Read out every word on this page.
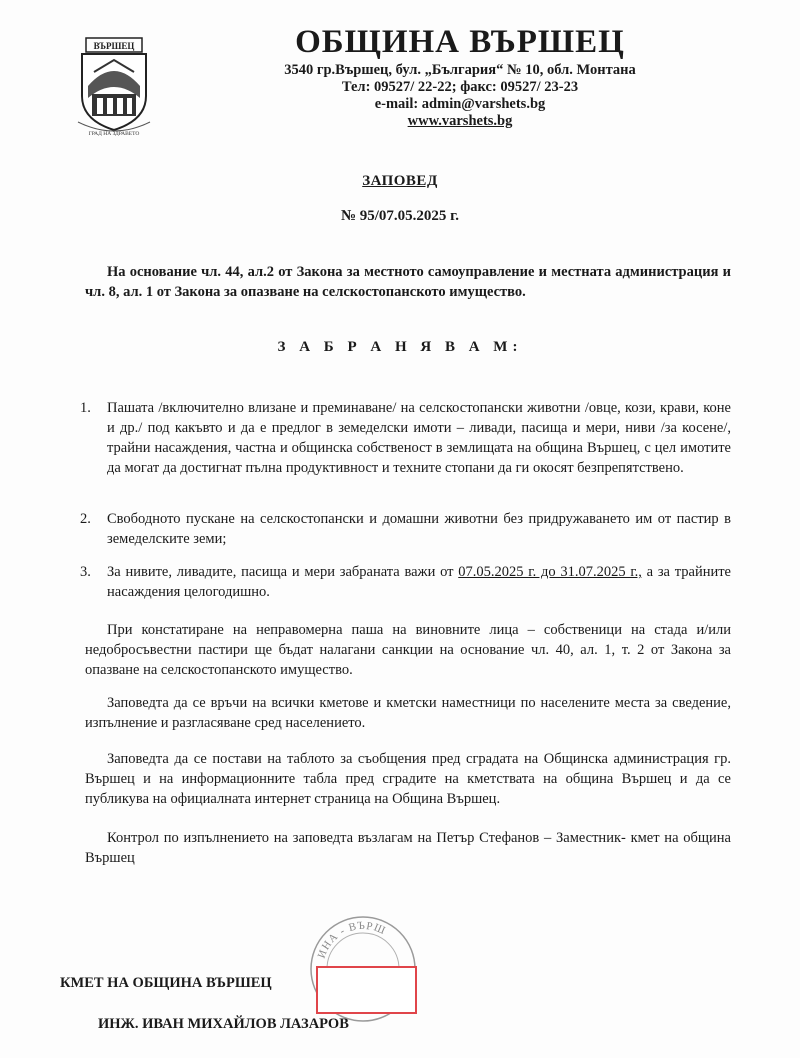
ВЪРШЕЦ
ГРАД НА ЗДРАВЕТО
ОБЩИНА ВЪРШЕЦ
3540 гр.Вършец, бул. „България“ № 10, обл. Монтана
Тел: 09527/ 22-22; факс: 09527/ 23-23
e-mail: admin@varshets.bg
www.varshets.bg
ЗАПОВЕД
№ 95/07.05.2025 г.
На основание чл. 44, ал.2 от Закона за местното самоуправление и местната администрация и чл. 8, ал. 1 от Закона за опазване на селскостопанското имущество.
З А Б Р А Н Я В А М:
1.	Пашата /включително влизане и преминаване/ на селскостопански животни /овце, кози, крави, коне и др./ под какъвто и да е предлог в земеделски имоти – ливади, пасища и мери, ниви /за косене/, трайни насаждения, частна и общинска собственост в землищата на община Вършец, с цел имотите да могат да достигнат пълна продуктивност и техните стопани да ги окосят безпрепятствено.
2.	Свободното пускане на селскостопански и домашни животни без придружаването им от пастир в земеделските земи;
3.	За нивите, ливадите, пасища и мери забраната важи от 07.05.2025 г. до 31.07.2025 г., а за трайните насаждения целогодишно.
При констатиране на неправомерна паша на виновните лица – собственици на стада и/или недобросъвестни пастири ще бъдат налагани санкции на основание чл. 40, ал. 1, т. 2 от Закона за опазване на селскостопанското имущество.
Заповедта да се връчи на всички кметове и кметски наместници по населените места за сведение, изпълнение и разгласяване сред населението.
Заповедта да се постави на таблото за съобщения пред сградата на Общинска администрация гр. Вършец и на информационните табла пред сградите на кметствата на община Вършец и да се публикува на официалната интернет страница на Община Вършец.
Контрол по изпълнението на заповедта възлагам на Петър Стефанов – Заместник- кмет на община Вършец
ИНА - ВЪРШ
КМЕТ НА ОБЩИНА ВЪРШЕЦ
ИНЖ. ИВАН МИХАЙЛОВ ЛАЗАРОВ
